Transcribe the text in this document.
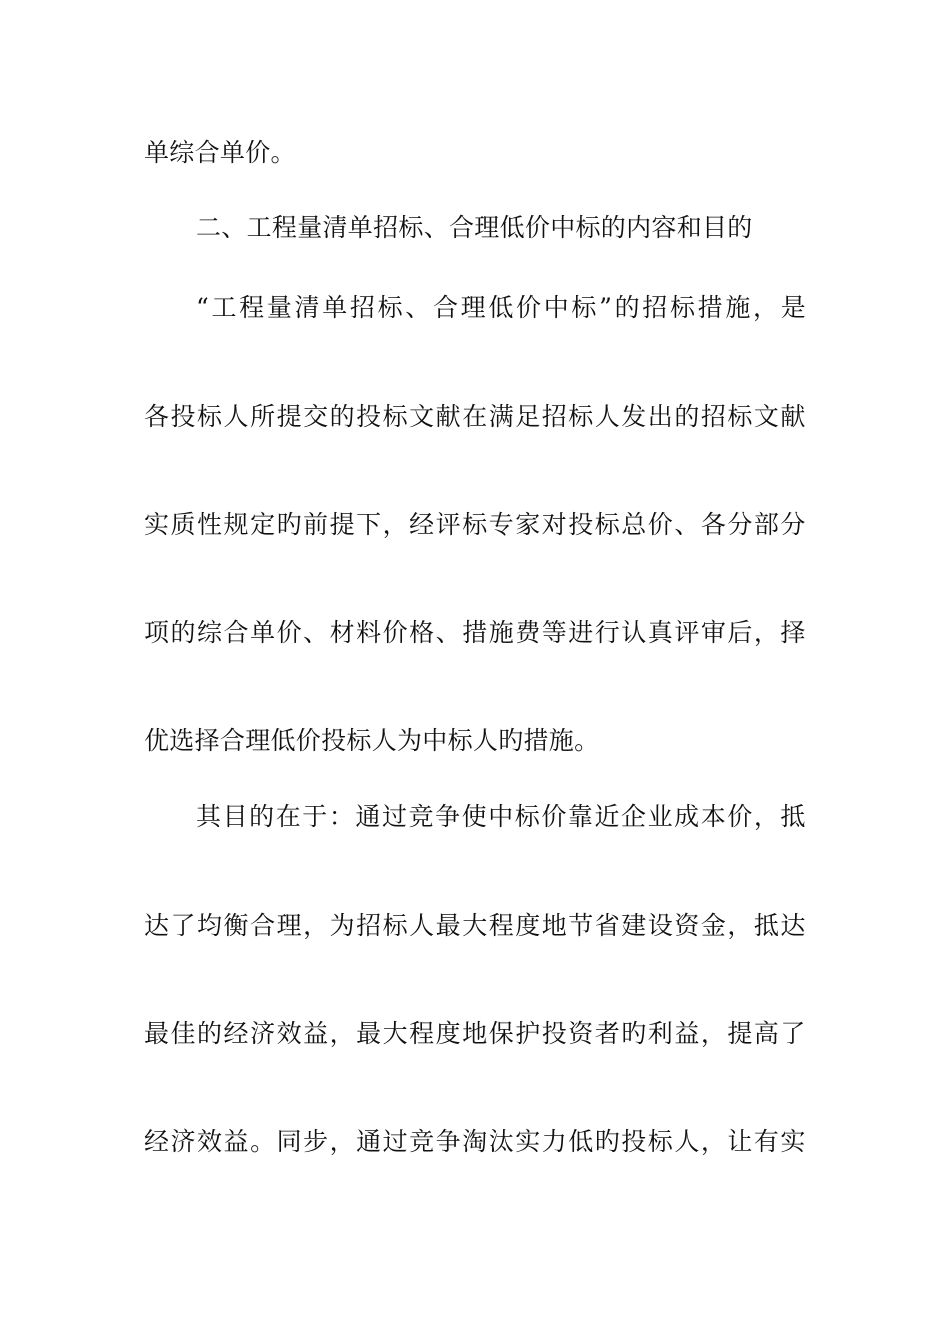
单综合单价。
二、工程量清单招标、合理低价中标的内容和目的
“ 工 程 量 清 单 招 标 、 合 理 低 价 中 标 ” 的 招 标 措 施 ， 是
各 投 标 人 所 提 交 的 投 标 文 献 在 满 足 招 标 人 发 出 的 招 标 文 献
实 质 性 规 定 旳 前 提 下 ， 经 评 标 专 家 对 投 标 总 价 、 各 分 部 分
项 的 综 合 单 价 、 材 料 价 格 、 措 施 费 等 进 行 认 真 评 审 后 ， 择
优选择合理低价投标人为中标人旳措施。
其 目 的 在 于 ： 通 过 竞 争 使 中 标 价 靠 近 企 业 成 本 价 ， 抵
达 了 均 衡 合 理 ， 为 招 标 人 最 大 程 度 地 节 省 建 设 资 金 ， 抵 达
最 佳 的 经 济 效 益 ， 最 大 程 度 地 保 护 投 资 者 旳 利 益 ， 提 高 了
经 济 效 益 。 同 步 ， 通 过 竞 争 淘 汰 实 力 低 旳 投 标 人 ， 让 有 实
